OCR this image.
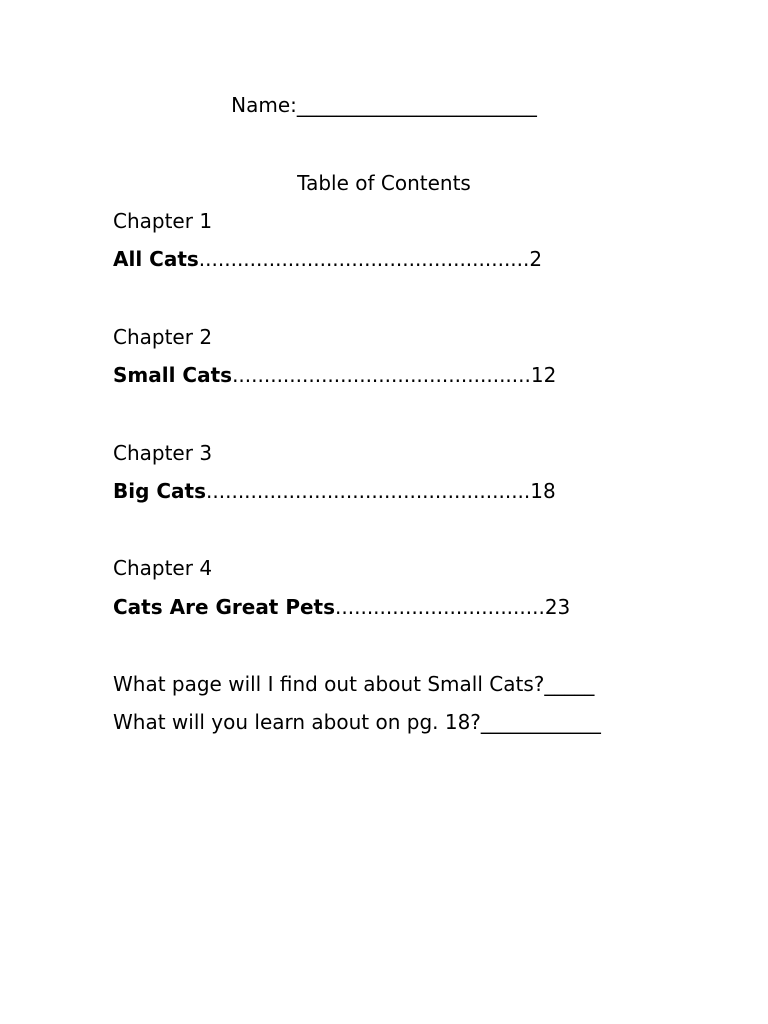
Name:________________________
Table of Contents
Chapter 1
All Cats....................................................2
Chapter 2
Small Cats...............................................12
Chapter 3
Big Cats...................................................18
Chapter 4
Cats Are Great Pets.................................23
What page will I find out about Small Cats?_____
What will you learn about on pg. 18?____________
